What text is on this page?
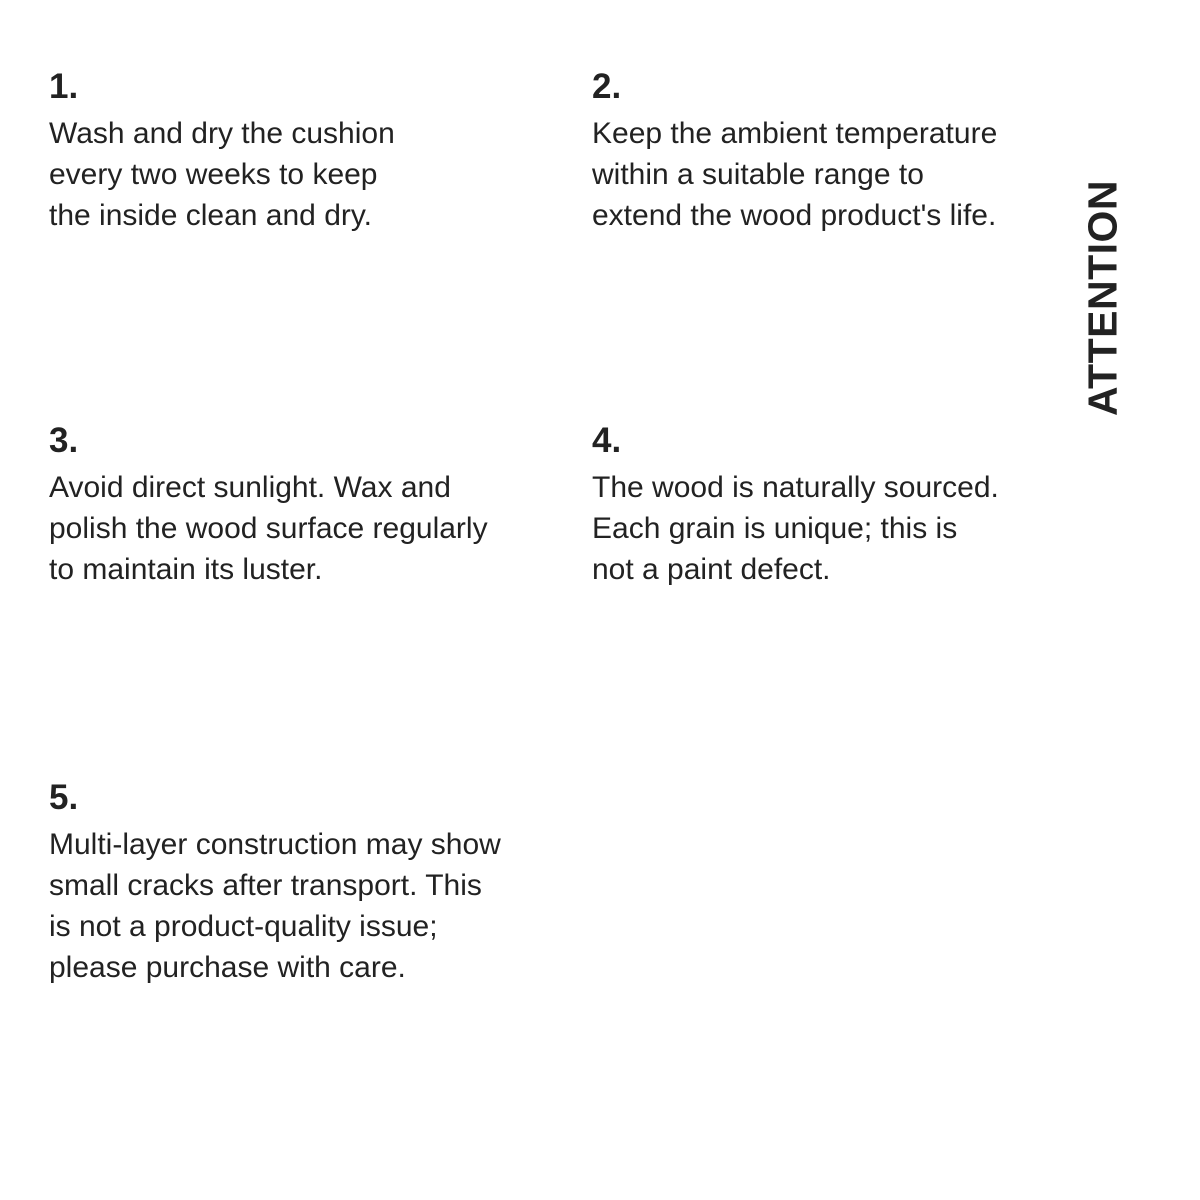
1.
Wash and dry the cushion
every two weeks to keep
the inside clean and dry.
2.
Keep the ambient temperature
within a suitable range to
extend the wood product's life.
3.
Avoid direct sunlight. Wax and
polish the wood surface regularly
to maintain its luster.
4.
The wood is naturally sourced.
Each grain is unique; this is
not a paint defect.
5.
Multi-layer construction may show
small cracks after transport. This
is not a product-quality issue;
please purchase with care.
ATTENTION
